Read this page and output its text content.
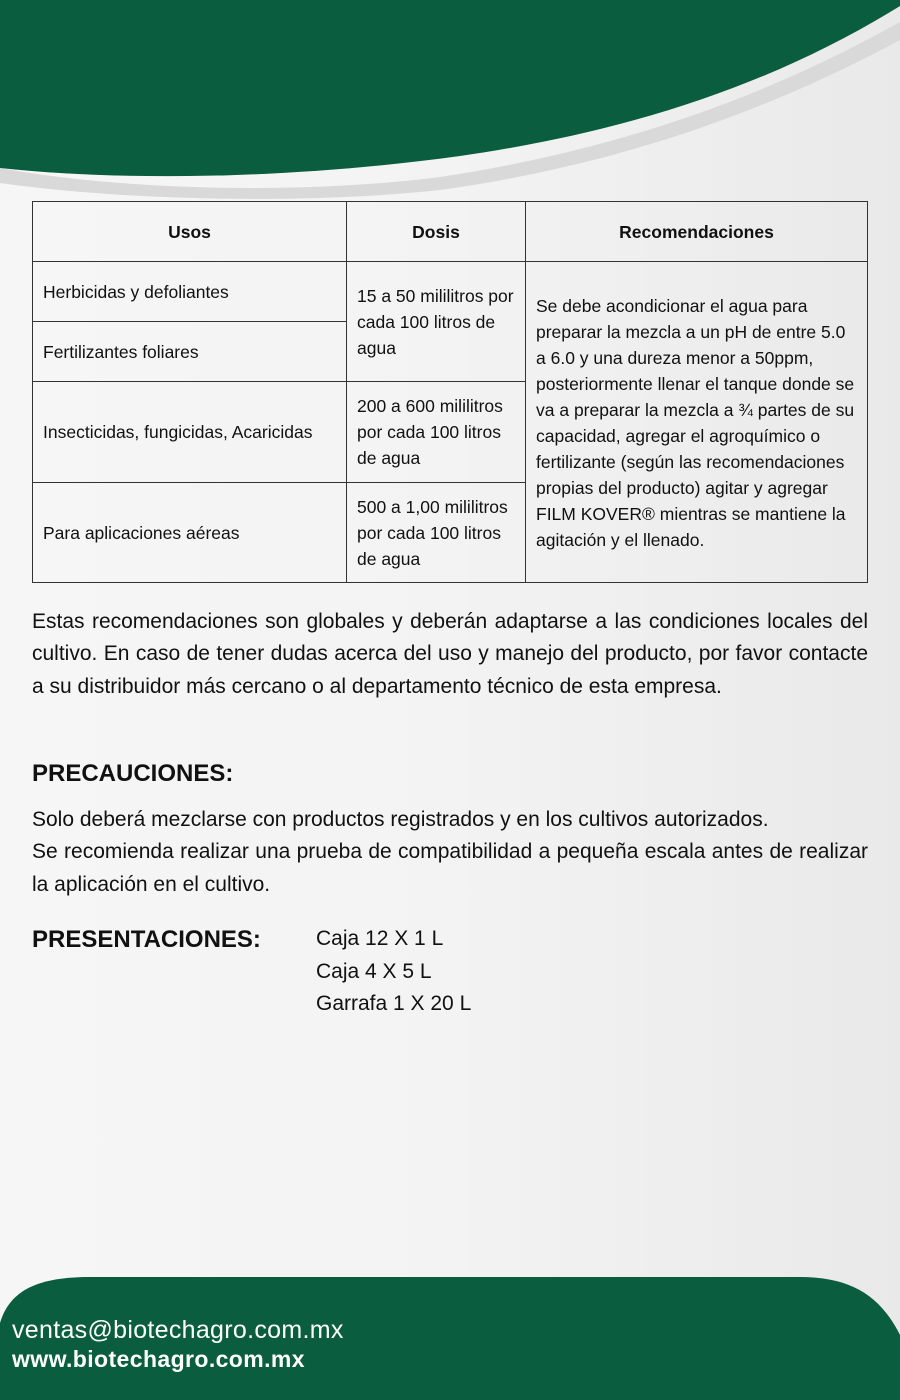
Usos	Dosis	Recomendaciones
Herbicidas y defoliantes	15 a 50 mililitros por cada 100 litros de agua	Se debe acondicionar el agua para preparar la mezcla a un pH de entre 5.0 a 6.0 y una dureza menor a 50ppm, posteriormente llenar el tanque donde se va a preparar la mezcla a ¾ partes de su capacidad, agregar el agroquímico o fertilizante (según las recomendaciones propias del producto) agitar y agregar FILM KOVER® mientras se mantiene la agitación y el llenado.
Fertilizantes foliares		
Insecticidas, fungicidas, Acaricidas	200 a 600 mililitros por cada 100 litros de agua	
Para aplicaciones aéreas	500 a 1,00 mililitros por cada 100 litros de agua	

Estas recomendaciones son globales y deberán adaptarse a las condiciones locales del cultivo. En caso de tener dudas acerca del uso y manejo del producto, por favor contacte a su distribuidor más cercano o al departamento técnico de esta empresa.

PRECAUCIONES:

Solo deberá mezclarse con productos registrados y en los cultivos autorizados.
Se recomienda realizar una prueba de compatibilidad a pequeña escala antes de realizar la aplicación en el cultivo.

PRESENTACIONES:	Caja 12 X 1 L
Caja 4 X 5 L
Garrafa 1 X 20 L

ventas@biotechagro.com.mx

www.biotechagro.com.mx
